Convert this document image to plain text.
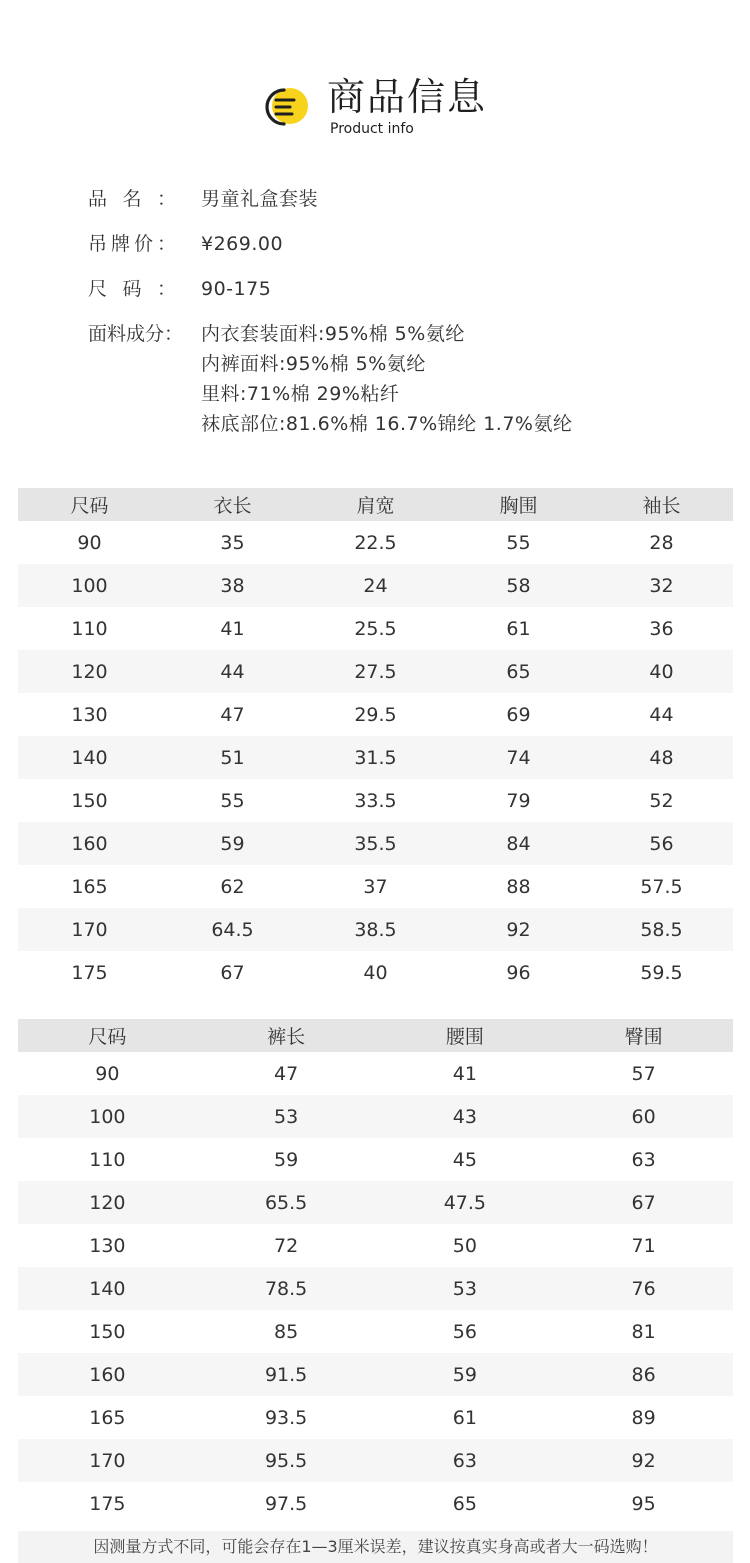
商品信息
Product info
品名：	男童礼盒套装
吊牌价：	¥269.00
尺码：	90-175
面料成分： 内衣套装面料:95%棉 5%氨纶
内裤面料:95%棉 5%氨纶
里料:71%棉 29%粘纤
袜底部位:81.6%棉 16.7%锦纶 1.7%氨纶
尺码	衣长	肩宽	胸围	袖长
90	35	22.5	55	28
100	38	24	58	32
110	41	25.5	61	36
120	44	27.5	65	40
130	47	29.5	69	44
140	51	31.5	74	48
150	55	33.5	79	52
160	59	35.5	84	56
165	62	37	88	57.5
170	64.5	38.5	92	58.5
175	67	40	96	59.5
尺码	裤长	腰围	臀围
90	47	41	57
100	53	43	60
110	59	45	63
120	65.5	47.5	67
130	72	50	71
140	78.5	53	76
150	85	56	81
160	91.5	59	86
165	93.5	61	89
170	95.5	63	92
175	97.5	65	95
因测量方式不同，可能会存在1—3厘米误差，建议按真实身高或者大一码选购！
